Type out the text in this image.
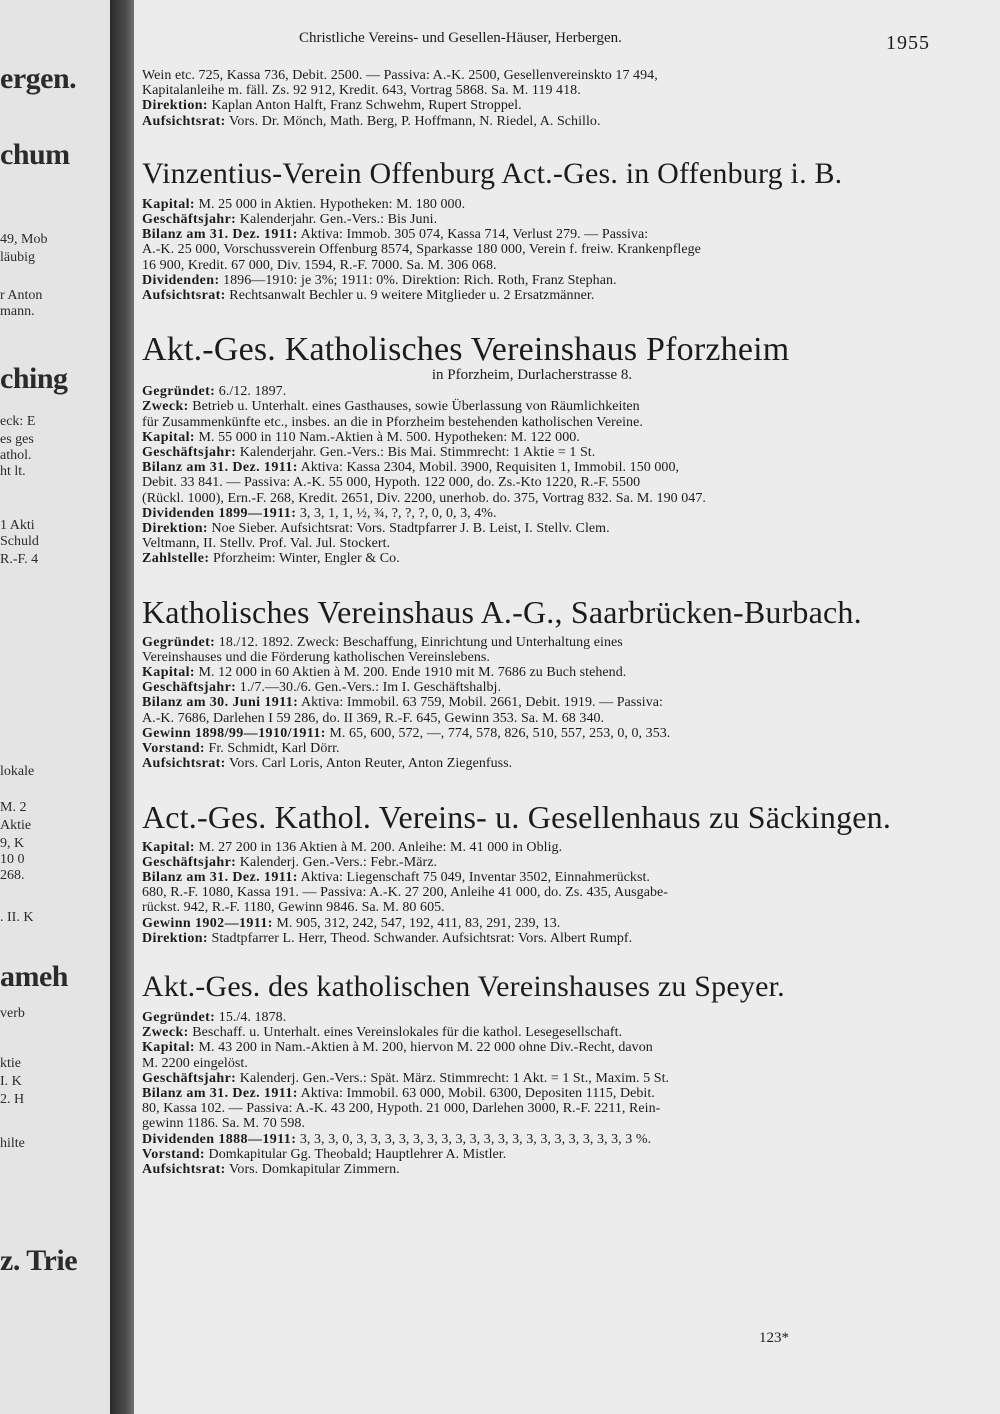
ergen.
chum
49, Mob
läubig
r Anton
mann.
ching
eck: E
es ges
athol.
ht lt.
1 Akti
Schuld
R.-F. 4
lokale
M. 2
Aktie
9, K
10 0
268.
. II. K
ameh
verb
ktie
I. K
2. H
hilte
z. Trie
Christliche Vereins- und Gesellen-Häuser, Herbergen.	1955
Wein etc. 725, Kassa 736, Debit. 2500. — Passiva: A.-K. 2500, Gesellenvereinskto 17 494,
Kapitalanleihe m. fäll. Zs. 92 912, Kredit. 643, Vortrag 5868. Sa. M. 119 418.
Direktion: Kaplan Anton Halft, Franz Schwehm, Rupert Stroppel.
Aufsichtsrat: Vors. Dr. Mönch, Math. Berg, P. Hoffmann, N. Riedel, A. Schillo.
Vinzentius-Verein Offenburg Act.-Ges. in Offenburg i. B.
Kapital: M. 25 000 in Aktien. Hypotheken: M. 180 000.
Geschäftsjahr: Kalenderjahr. Gen.-Vers.: Bis Juni.
Bilanz am 31. Dez. 1911: Aktiva: Immob. 305 074, Kassa 714, Verlust 279. — Passiva:
A.-K. 25 000, Vorschussverein Offenburg 8574, Sparkasse 180 000, Verein f. freiw. Krankenpflege
16 900, Kredit. 67 000, Div. 1594, R.-F. 7000. Sa. M. 306 068.
Dividenden: 1896—1910: je 3%; 1911: 0%. Direktion: Rich. Roth, Franz Stephan.
Aufsichtsrat: Rechtsanwalt Bechler u. 9 weitere Mitglieder u. 2 Ersatzmänner.
Akt.-Ges. Katholisches Vereinshaus Pforzheim
in Pforzheim, Durlacherstrasse 8.
Gegründet: 6./12. 1897.
Zweck: Betrieb u. Unterhalt. eines Gasthauses, sowie Überlassung von Räumlichkeiten
für Zusammenkünfte etc., insbes. an die in Pforzheim bestehenden katholischen Vereine.
Kapital: M. 55 000 in 110 Nam.-Aktien à M. 500. Hypotheken: M. 122 000.
Geschäftsjahr: Kalenderjahr. Gen.-Vers.: Bis Mai. Stimmrecht: 1 Aktie = 1 St.
Bilanz am 31. Dez. 1911: Aktiva: Kassa 2304, Mobil. 3900, Requisiten 1, Immobil. 150 000,
Debit. 33 841. — Passiva: A.-K. 55 000, Hypoth. 122 000, do. Zs.-Kto 1220, R.-F. 5500
(Rückl. 1000), Ern.-F. 268, Kredit. 2651, Div. 2200, unerhob. do. 375, Vortrag 832. Sa. M. 190 047.
Dividenden 1899—1911: 3, 3, 1, 1, ½, ¾, ?, ?, ?, 0, 0, 3, 4%.
Direktion: Noe Sieber. Aufsichtsrat: Vors. Stadtpfarrer J. B. Leist, I. Stellv. Clem.
Veltmann, II. Stellv. Prof. Val. Jul. Stockert.
Zahlstelle: Pforzheim: Winter, Engler & Co.
Katholisches Vereinshaus A.-G., Saarbrücken-Burbach.
Gegründet: 18./12. 1892. Zweck: Beschaffung, Einrichtung und Unterhaltung eines
Vereinshauses und die Förderung katholischen Vereinslebens.
Kapital: M. 12 000 in 60 Aktien à M. 200. Ende 1910 mit M. 7686 zu Buch stehend.
Geschäftsjahr: 1./7.—30./6. Gen.-Vers.: Im I. Geschäftshalbj.
Bilanz am 30. Juni 1911: Aktiva: Immobil. 63 759, Mobil. 2661, Debit. 1919. — Passiva:
A.-K. 7686, Darlehen I 59 286, do. II 369, R.-F. 645, Gewinn 353. Sa. M. 68 340.
Gewinn 1898/99—1910/1911: M. 65, 600, 572, —, 774, 578, 826, 510, 557, 253, 0, 0, 353.
Vorstand: Fr. Schmidt, Karl Dörr.
Aufsichtsrat: Vors. Carl Loris, Anton Reuter, Anton Ziegenfuss.
Act.-Ges. Kathol. Vereins- u. Gesellenhaus zu Säckingen.
Kapital: M. 27 200 in 136 Aktien à M. 200. Anleihe: M. 41 000 in Oblig.
Geschäftsjahr: Kalenderj. Gen.-Vers.: Febr.-März.
Bilanz am 31. Dez. 1911: Aktiva: Liegenschaft 75 049, Inventar 3502, Einnahmerückst.
680, R.-F. 1080, Kassa 191. — Passiva: A.-K. 27 200, Anleihe 41 000, do. Zs. 435, Ausgabe-
rückst. 942, R.-F. 1180, Gewinn 9846. Sa. M. 80 605.
Gewinn 1902—1911: M. 905, 312, 242, 547, 192, 411, 83, 291, 239, 13.
Direktion: Stadtpfarrer L. Herr, Theod. Schwander. Aufsichtsrat: Vors. Albert Rumpf.
Akt.-Ges. des katholischen Vereinshauses zu Speyer.
Gegründet: 15./4. 1878.
Zweck: Beschaff. u. Unterhalt. eines Vereinslokales für die kathol. Lesegesellschaft.
Kapital: M. 43 200 in Nam.-Aktien à M. 200, hiervon M. 22 000 ohne Div.-Recht, davon
M. 2200 eingelöst.
Geschäftsjahr: Kalenderj. Gen.-Vers.: Spät. März. Stimmrecht: 1 Akt. = 1 St., Maxim. 5 St.
Bilanz am 31. Dez. 1911: Aktiva: Immobil. 63 000, Mobil. 6300, Depositen 1115, Debit.
80, Kassa 102. — Passiva: A.-K. 43 200, Hypoth. 21 000, Darlehen 3000, R.-F. 2211, Rein-
gewinn 1186. Sa. M. 70 598.
Dividenden 1888—1911: 3, 3, 3, 0, 3, 3, 3, 3, 3, 3, 3, 3, 3, 3, 3, 3, 3, 3, 3, 3, 3, 3, 3, 3 %.
Vorstand: Domkapitular Gg. Theobald; Hauptlehrer A. Mistler.
Aufsichtsrat: Vors. Domkapitular Zimmern.
123*
